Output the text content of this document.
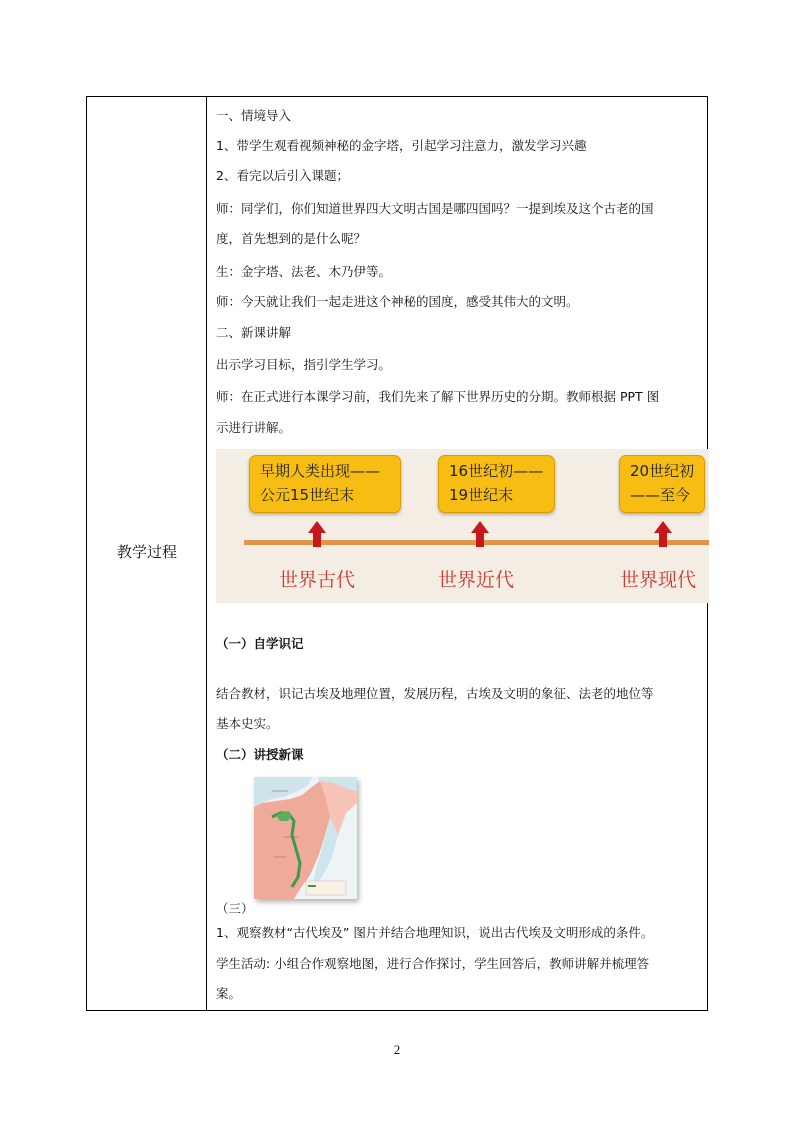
教学过程
一、情境导入
1、带学生观看视频神秘的金字塔，引起学习注意力，激发学习兴趣
2、看完以后引入课题；
师：同学们，你们知道世界四大文明古国是哪四国吗？一提到埃及这个古老的国
度，首先想到的是什么呢？
生：金字塔、法老、木乃伊等。
师：今天就让我们一起走进这个神秘的国度，感受其伟大的文明。
二、新课讲解
出示学习目标，指引学生学习。
师：在正式进行本课学习前，我们先来了解下世界历史的分期。教师根据 PPT 图
示进行讲解。
早期人类出现——
公元15世纪末
16世纪初——
19世纪末
20世纪初
——至今
世界古代	世界近代	世界现代
（一）自学识记
结合教材，识记古埃及地理位置，发展历程，古埃及文明的象征、法老的地位等
基本史实。
（二）讲授新课
（三）
1、观察教材“古代埃及” 图片并结合地理知识，说出古代埃及文明形成的条件。
学生活动: 小组合作观察地图，进行合作探讨，学生回答后，教师讲解并梳理答
案。
2
